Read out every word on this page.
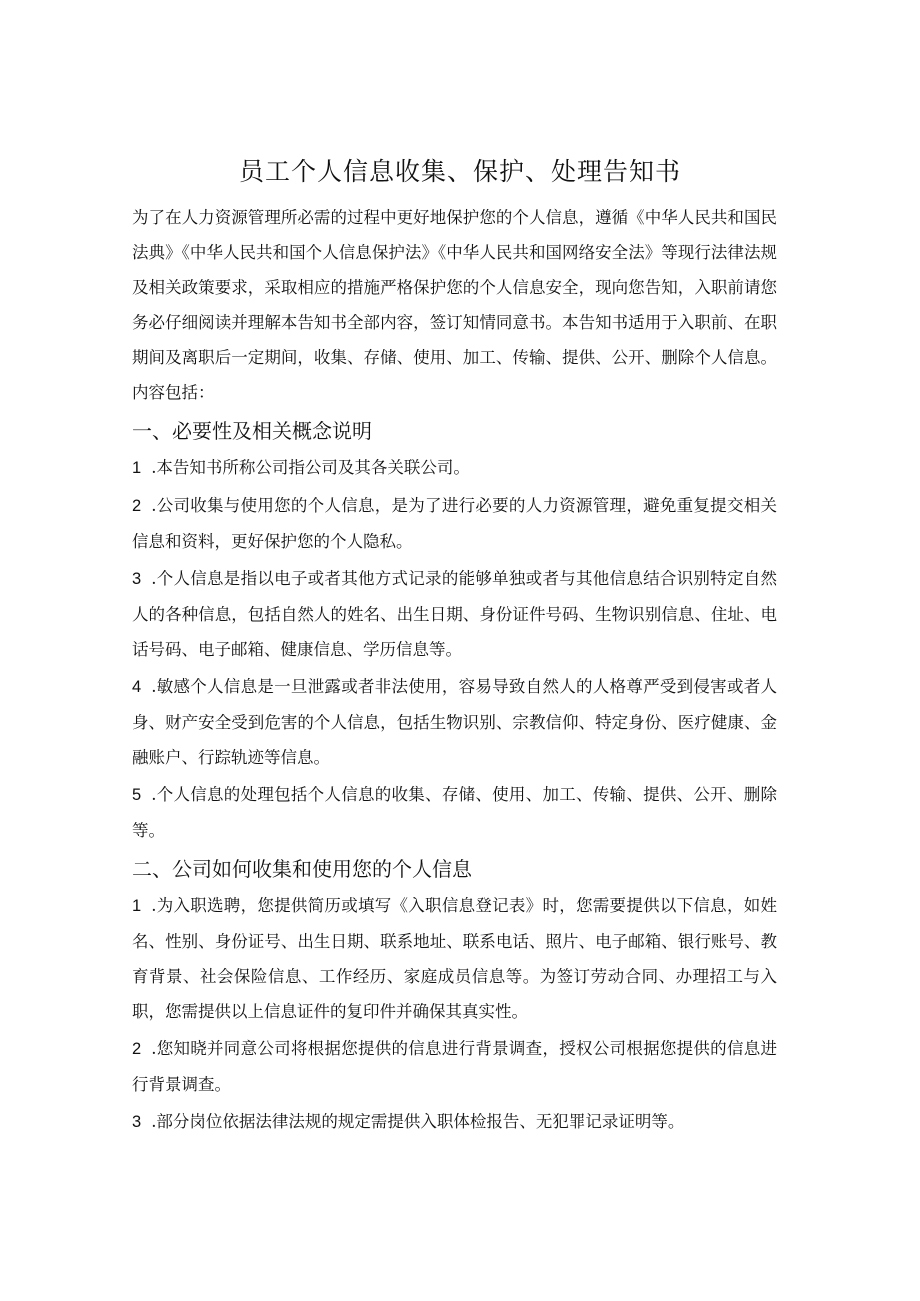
员工个人信息收集、保护、处理告知书

为了在人力资源管理所必需的过程中更好地保护您的个人信息，遵循《中华人民共和国民法典》《中华人民共和国个人信息保护法》《中华人民共和国网络安全法》等现行法律法规及相关政策要求，采取相应的措施严格保护您的个人信息安全，现向您告知，入职前请您务必仔细阅读并理解本告知书全部内容，签订知情同意书。本告知书适用于入职前、在职期间及离职后一定期间，收集、存储、使用、加工、传输、提供、公开、删除个人信息。内容包括：

一、必要性及相关概念说明

1 .本告知书所称公司指公司及其各关联公司。

2 .公司收集与使用您的个人信息，是为了进行必要的人力资源管理，避免重复提交相关信息和资料，更好保护您的个人隐私。

3 .个人信息是指以电子或者其他方式记录的能够单独或者与其他信息结合识别特定自然人的各种信息，包括自然人的姓名、出生日期、身份证件号码、生物识别信息、住址、电话号码、电子邮箱、健康信息、学历信息等。

4 .敏感个人信息是一旦泄露或者非法使用，容易导致自然人的人格尊严受到侵害或者人身、财产安全受到危害的个人信息，包括生物识别、宗教信仰、特定身份、医疗健康、金融账户、行踪轨迹等信息。

5 .个人信息的处理包括个人信息的收集、存储、使用、加工、传输、提供、公开、删除等。

二、公司如何收集和使用您的个人信息

1 .为入职选聘，您提供简历或填写《入职信息登记表》时，您需要提供以下信息，如姓名、性别、身份证号、出生日期、联系地址、联系电话、照片、电子邮箱、银行账号、教育背景、社会保险信息、工作经历、家庭成员信息等。为签订劳动合同、办理招工与入职，您需提供以上信息证件的复印件并确保其真实性。

2 .您知晓并同意公司将根据您提供的信息进行背景调查，授权公司根据您提供的信息进行背景调查。

3 .部分岗位依据法律法规的规定需提供入职体检报告、无犯罪记录证明等。
